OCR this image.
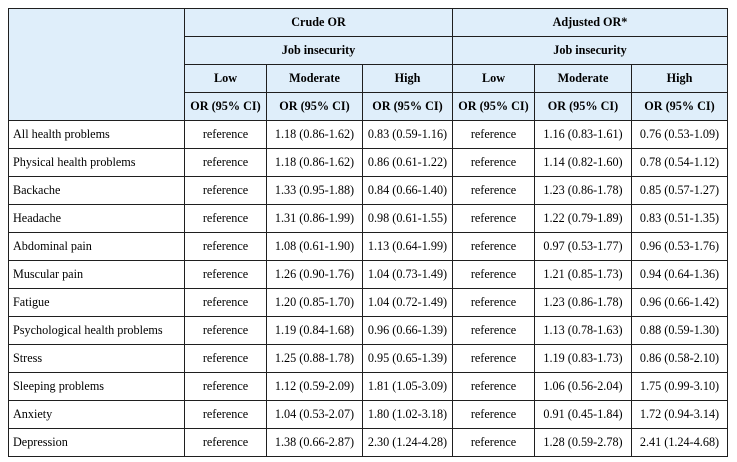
	Crude OR			Adjusted OR*		
	Job insecurity			Job insecurity		
	Low	Moderate	High	Low	Moderate	High
	OR (95% CI)	OR (95% CI)	OR (95% CI)	OR (95% CI)	OR (95% CI)	OR (95% CI)
All health problems	reference	1.18 (0.86-1.62)	0.83 (0.59-1.16)	reference	1.16 (0.83-1.61)	0.76 (0.53-1.09)
Physical health problems	reference	1.18 (0.86-1.62)	0.86 (0.61-1.22)	reference	1.14 (0.82-1.60)	0.78 (0.54-1.12)
Backache	reference	1.33 (0.95-1.88)	0.84 (0.66-1.40)	reference	1.23 (0.86-1.78)	0.85 (0.57-1.27)
Headache	reference	1.31 (0.86-1.99)	0.98 (0.61-1.55)	reference	1.22 (0.79-1.89)	0.83 (0.51-1.35)
Abdominal pain	reference	1.08 (0.61-1.90)	1.13 (0.64-1.99)	reference	0.97 (0.53-1.77)	0.96 (0.53-1.76)
Muscular pain	reference	1.26 (0.90-1.76)	1.04 (0.73-1.49)	reference	1.21 (0.85-1.73)	0.94 (0.64-1.36)
Fatigue	reference	1.20 (0.85-1.70)	1.04 (0.72-1.49)	reference	1.23 (0.86-1.78)	0.96 (0.66-1.42)
Psychological health problems	reference	1.19 (0.84-1.68)	0.96 (0.66-1.39)	reference	1.13 (0.78-1.63)	0.88 (0.59-1.30)
Stress	reference	1.25 (0.88-1.78)	0.95 (0.65-1.39)	reference	1.19 (0.83-1.73)	0.86 (0.58-2.10)
Sleeping problems	reference	1.12 (0.59-2.09)	1.81 (1.05-3.09)	reference	1.06 (0.56-2.04)	1.75 (0.99-3.10)
Anxiety	reference	1.04 (0.53-2.07)	1.80 (1.02-3.18)	reference	0.91 (0.45-1.84)	1.72 (0.94-3.14)
Depression	reference	1.38 (0.66-2.87)	2.30 (1.24-4.28)	reference	1.28 (0.59-2.78)	2.41 (1.24-4.68)
